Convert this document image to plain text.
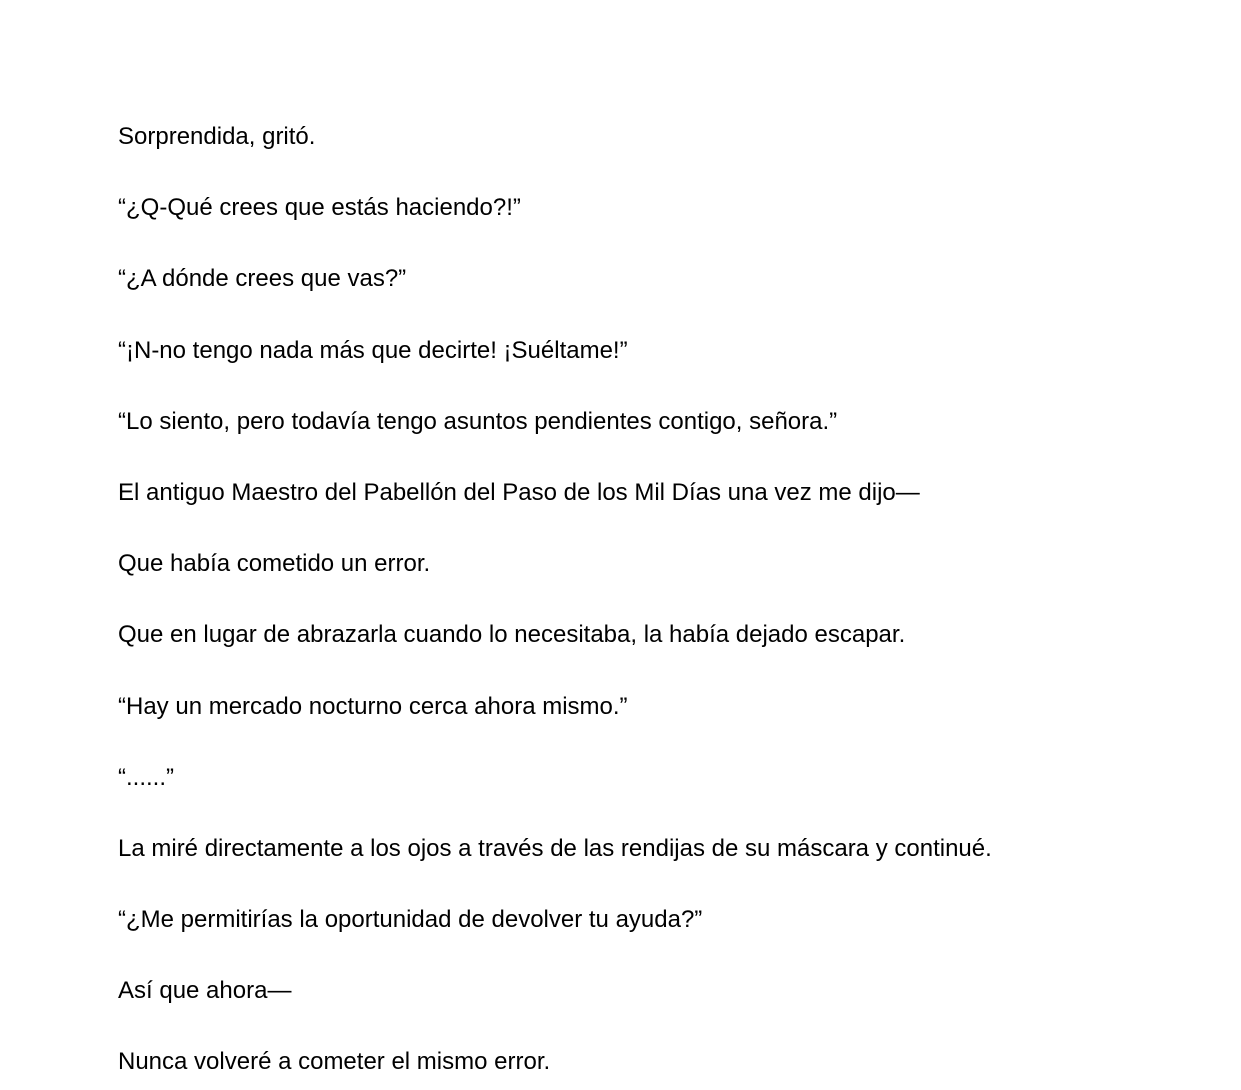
Sorprendida, gritó.

“¿Q-Qué crees que estás haciendo?!”

“¿A dónde crees que vas?”

“¡N-no tengo nada más que decirte! ¡Suéltame!”

“Lo siento, pero todavía tengo asuntos pendientes contigo, señora.”

El antiguo Maestro del Pabellón del Paso de los Mil Días una vez me dijo—

Que había cometido un error.

Que en lugar de abrazarla cuando lo necesitaba, la había dejado escapar.

“Hay un mercado nocturno cerca ahora mismo.”

“......”

La miré directamente a los ojos a través de las rendijas de su máscara y continué.

“¿Me permitirías la oportunidad de devolver tu ayuda?”

Así que ahora—

Nunca volveré a cometer el mismo error.
